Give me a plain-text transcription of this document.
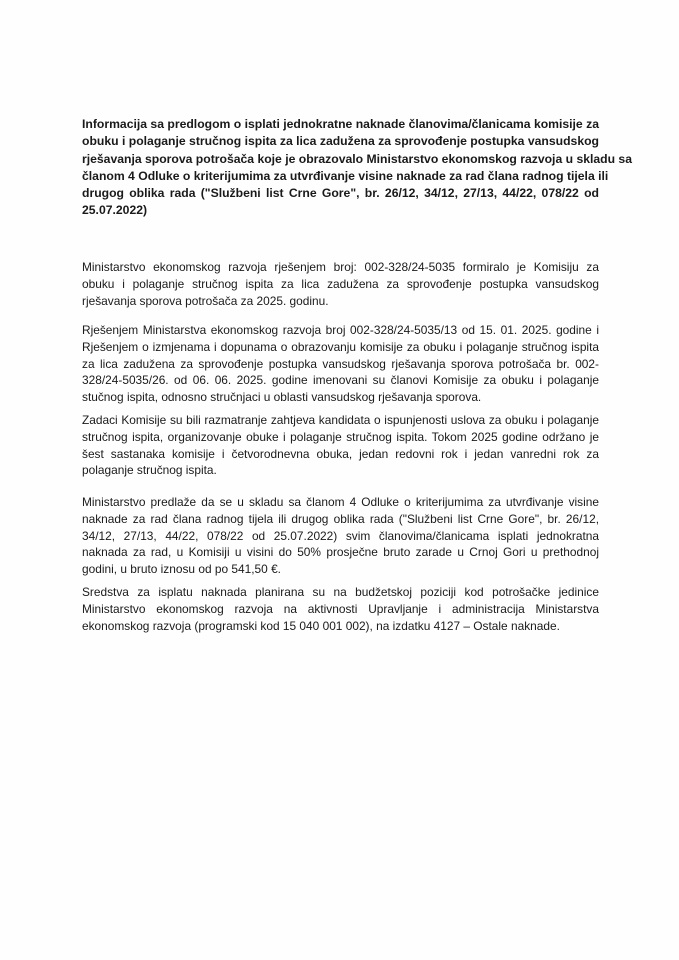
Informacija sa predlogom o isplati jednokratne naknade članovima/članicama komisije za
obuku i polaganje stručnog ispita za lica zadužena za sprovođenje postupka vansudskog
rješavanja sporova potrošača koje je obrazovalo Ministarstvo ekonomskog razvoja u skladu sa
članom 4 Odluke o kriterijumima za utvrđivanje visine naknade za rad člana radnog tijela ili
drugog oblika rada ("Službeni list Crne Gore", br. 26/12, 34/12, 27/13, 44/22, 078/22 od
25.07.2022)
Ministarstvo ekonomskog razvoja rješenjem broj: 002-328/24-5035 formiralo je Komisiju za
obuku i polaganje stručnog ispita za lica zadužena za sprovođenje postupka vansudskog
rješavanja sporova potrošača za 2025. godinu.
Rješenjem Ministarstva ekonomskog razvoja broj 002-328/24-5035/13 od 15. 01. 2025. godine i
Rješenjem o izmjenama i dopunama o obrazovanju komisije za obuku i polaganje stručnog ispita
za lica zadužena za sprovođenje postupka vansudskog rješavanja sporova potrošača br. 002-
328/24-5035/26. od 06. 06. 2025. godine imenovani su članovi Komisije za obuku i polaganje
stučnog ispita, odnosno stručnjaci u oblasti vansudskog rješavanja sporova.
Zadaci Komisije su bili razmatranje zahtjeva kandidata o ispunjenosti uslova za obuku i polaganje
stručnog ispita, organizovanje obuke i polaganje stručnog ispita. Tokom 2025 godine održano je
šest sastanaka komisije i četvorodnevna obuka, jedan redovni rok i jedan vanredni rok za
polaganje stručnog ispita.
Ministarstvo predlaže da se u skladu sa članom 4 Odluke o kriterijumima za utvrđivanje visine
naknade za rad člana radnog tijela ili drugog oblika rada ("Službeni list Crne Gore", br. 26/12,
34/12, 27/13, 44/22, 078/22 od 25.07.2022) svim članovima/članicama isplati jednokratna
naknada za rad, u Komisiji u visini do 50% prosječne bruto zarade u Crnoj Gori u prethodnoj
godini, u bruto iznosu od po 541,50 €.
Sredstva za isplatu naknada planirana su na budžetskoj poziciji kod potrošačke jedinice
Ministarstvo ekonomskog razvoja na aktivnosti Upravljanje i administracija Ministarstva
ekonomskog razvoja (programski kod 15 040 001 002), na izdatku 4127 – Ostale naknade.
